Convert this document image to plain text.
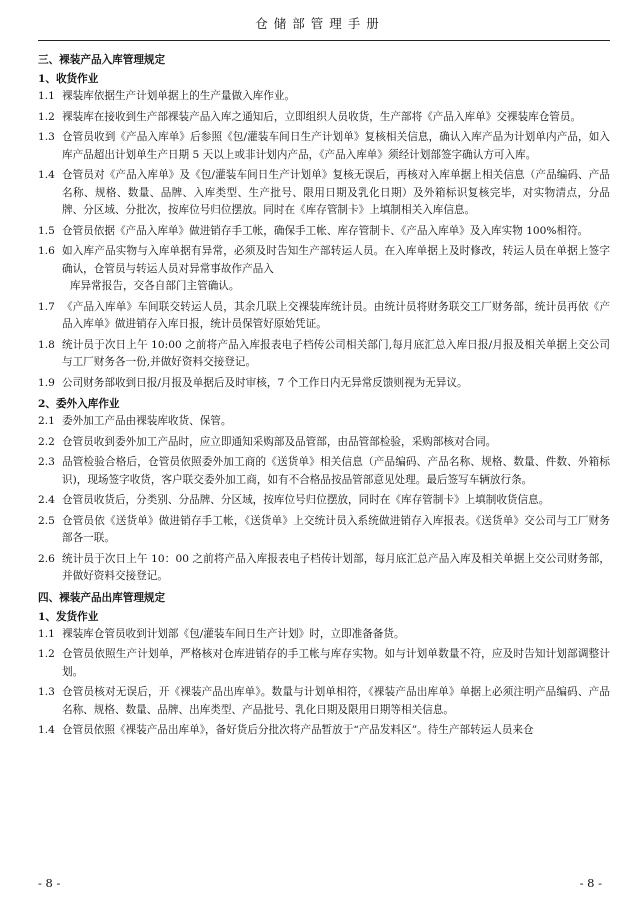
仓储部管理手册
三、裸装产品入库管理规定
1、收货作业
1.1 裸装库依据生产计划单据上的生产量做入库作业。
1.2 裸装库在接收到生产部裸装产品入库之通知后，立即组织人员收货，生产部将《产品入库单》交裸装库仓管员。
1.3 仓管员收到《产品入库单》后参照《包/灌装车间日生产计划单》复核相关信息，确认入库产品为计划单内产品，如入库产品超出计划单生产日期 5 天以上或非计划内产品，《产品入库单》须经计划部签字确认方可入库。
1.4 仓管员对《产品入库单》及《包/灌装车间日生产计划单》复核无误后，再核对入库单据上相关信息（产品编码、产品名称、规格、数量、品牌、入库类型、生产批号、限用日期及乳化日期）及外箱标识复核完毕，对实物清点，分品牌、分区域、分批次，按库位号归位摆放。同时在《库存管制卡》上填制相关入库信息。
1.5 仓管员依据《产品入库单》做进销存手工帐，确保手工帐、库存管制卡、《产品入库单》及入库实物 100%相符。
1.6 如入库产品实物与入库单据有异常，必须及时告知生产部转运人员。在入库单据上及时修改，转运人员在单据上签字确认，仓管员与转运人员对异常事故作产品入
库异常报告，交各自部门主管确认。
1.7 《产品入库单》车间联交转运人员，其余几联上交裸装库统计员。由统计员将财务联交工厂财务部，统计员再依《产品入库单》做进销存入库日报，统计员保管好原始凭证。
1.8 统计员于次日上午 10:00 之前将产品入库报表电子档传公司相关部门,每月底汇总入库日报/月报及相关单据上交公司与工厂财务各一份,并做好资料交接登记。
1.9 公司财务部收到日报/月报及单据后及时审核，7 个工作日内无异常反馈则视为无异议。
2、委外入库作业
2.1 委外加工产品由裸装库收货、保管。
2.2 仓管员收到委外加工产品时，应立即通知采购部及品管部，由品管部检验，采购部核对合同。
2.3 品管检验合格后，仓管员依照委外加工商的《送货单》相关信息（产品编码、产品名称、规格、数量、件数、外箱标识)，现场签字收货，客户联交委外加工商，如有不合格品按品管部意见处理。最后签写车辆放行条。
2.4 仓管员收货后，分类别、分品牌、分区域，按库位号归位摆放，同时在《库存管制卡》上填制收货信息。
2.5 仓管员依《送货单》做进销存手工帐，《送货单》上交统计员入系统做进销存入库报表。《送货单》交公司与工厂财务部各一联。
2.6 统计员于次日上午 10：00 之前将产品入库报表电子档传计划部，每月底汇总产品入库及相关单据上交公司财务部，并做好资料交接登记。
四、裸装产品出库管理规定
1、发货作业
1.1 裸装库仓管员收到计划部《包/灌装车间日生产计划》时，立即准备备货。
1.2 仓管员依照生产计划单，严格核对仓库进销存的手工帐与库存实物。如与计划单数量不符，应及时告知计划部调整计划。
1.3 仓管员核对无误后，开《裸装产品出库单》。数量与计划单相符，《裸装产品出库单》单据上必须注明产品编码、产品名称、规格、数量、品牌、出库类型、产品批号、乳化日期及限用日期等相关信息。
1.4 仓管员依照《裸装产品出库单》，备好货后分批次将产品暂放于“产品发料区”。待生产部转运人员来仓
- 8 -	- 8 -
